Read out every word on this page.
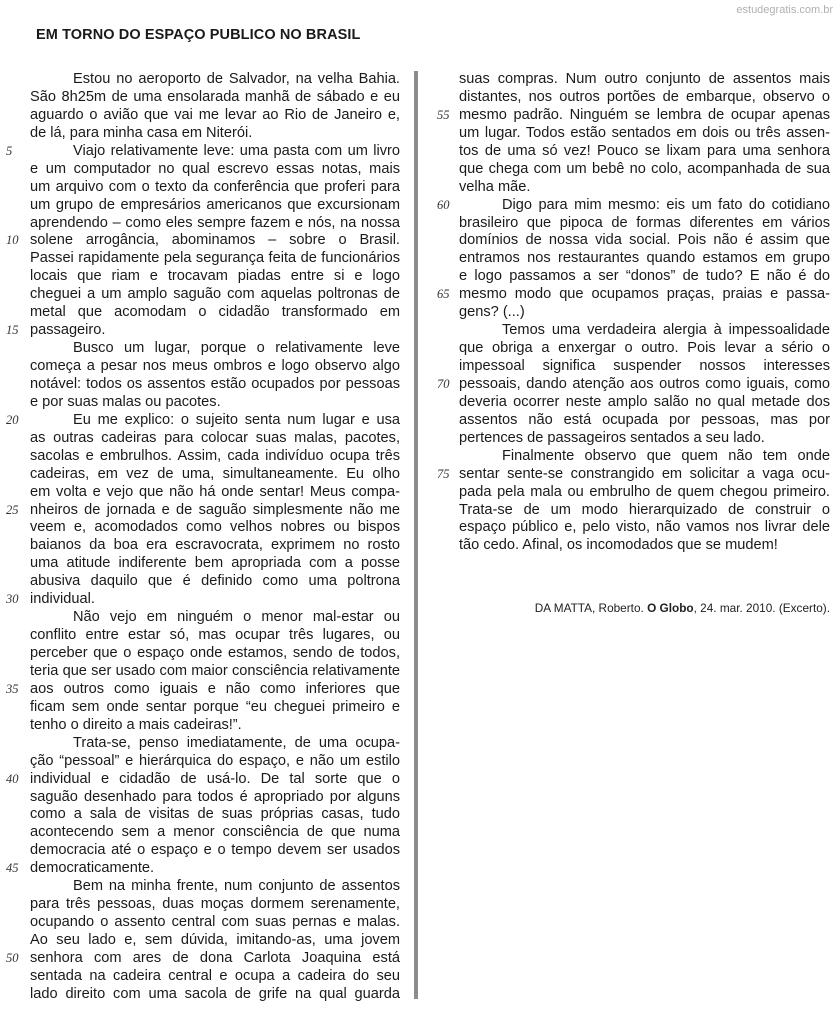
estudegratis.com.br
EM TORNO DO ESPAÇO PUBLICO NO BRASIL
Estou no aeroporto de Salvador, na velha Bahia.
São 8h25m de uma ensolarada manhã de sábado e eu
aguardo o avião que vai me levar ao Rio de Janeiro e,
de lá, para minha casa em Niterói.
5	Viajo relativamente leve: uma pasta com um livro
e um computador no qual escrevo essas notas, mais
um arquivo com o texto da conferência que proferi para
um grupo de empresários americanos que excursionam
aprendendo – como eles sempre fazem e nós, na nossa
10 solene arrogância, abominamos – sobre o Brasil.
Passei rapidamente pela segurança feita de funcionários
locais que riam e trocavam piadas entre si e logo
cheguei a um amplo saguão com aquelas poltronas de
metal que acomodam o cidadão transformado em
15 passageiro.
Busco um lugar, porque o relativamente leve
começa a pesar nos meus ombros e logo observo algo
notável: todos os assentos estão ocupados por pessoas
e por suas malas ou pacotes.
20	Eu me explico: o sujeito senta num lugar e usa
as outras cadeiras para colocar suas malas, pacotes,
sacolas e embrulhos. Assim, cada indivíduo ocupa três
cadeiras, em vez de uma, simultaneamente. Eu olho
em volta e vejo que não há onde sentar! Meus compa-
25 nheiros de jornada e de saguão simplesmente não me
veem e, acomodados como velhos nobres ou bispos
baianos da boa era escravocrata, exprimem no rosto
uma atitude indiferente bem apropriada com a posse
abusiva daquilo que é definido como uma poltrona
30 individual.
Não vejo em ninguém o menor mal-estar ou
conflito entre estar só, mas ocupar três lugares, ou
perceber que o espaço onde estamos, sendo de todos,
teria que ser usado com maior consciência relativamente
35 aos outros como iguais e não como inferiores que
ficam sem onde sentar porque “eu cheguei primeiro e
tenho o direito a mais cadeiras!”.
Trata-se, penso imediatamente, de uma ocupa-
ção “pessoal” e hierárquica do espaço, e não um estilo
40 individual e cidadão de usá-lo. De tal sorte que o
saguão desenhado para todos é apropriado por alguns
como a sala de visitas de suas próprias casas, tudo
acontecendo sem a menor consciência de que numa
democracia até o espaço e o tempo devem ser usados
45 democraticamente.
Bem na minha frente, num conjunto de assentos
para três pessoas, duas moças dormem serenamente,
ocupando o assento central com suas pernas e malas.
Ao seu lado e, sem dúvida, imitando-as, uma jovem
50 senhora com ares de dona Carlota Joaquina está
sentada na cadeira central e ocupa a cadeira do seu
lado direito com uma sacola de grife na qual guarda
suas compras. Num outro conjunto de assentos mais
distantes, nos outros portões de embarque, observo o
55 mesmo padrão. Ninguém se lembra de ocupar apenas
um lugar. Todos estão sentados em dois ou três assen-
tos de uma só vez! Pouco se lixam para uma senhora
que chega com um bebê no colo, acompanhada de sua
velha mãe.
60	Digo para mim mesmo: eis um fato do cotidiano
brasileiro que pipoca de formas diferentes em vários
domínios de nossa vida social. Pois não é assim que
entramos nos restaurantes quando estamos em grupo
e logo passamos a ser “donos” de tudo? E não é do
65 mesmo modo que ocupamos praças, praias e passa-
gens? (...)
Temos uma verdadeira alergia à impessoalidade
que obriga a enxergar o outro. Pois levar a sério o
impessoal significa suspender nossos interesses
70 pessoais, dando atenção aos outros como iguais, como
deveria ocorrer neste amplo salão no qual metade dos
assentos não está ocupada por pessoas, mas por
pertences de passageiros sentados a seu lado.
Finalmente observo que quem não tem onde
75 sentar sente-se constrangido em solicitar a vaga ocu-
pada pela mala ou embrulho de quem chegou primeiro.
Trata-se de um modo hierarquizado de construir o
espaço público e, pelo visto, não vamos nos livrar dele
tão cedo. Afinal, os incomodados que se mudem!
DA MATTA, Roberto. O Globo, 24. mar. 2010. (Excerto).
